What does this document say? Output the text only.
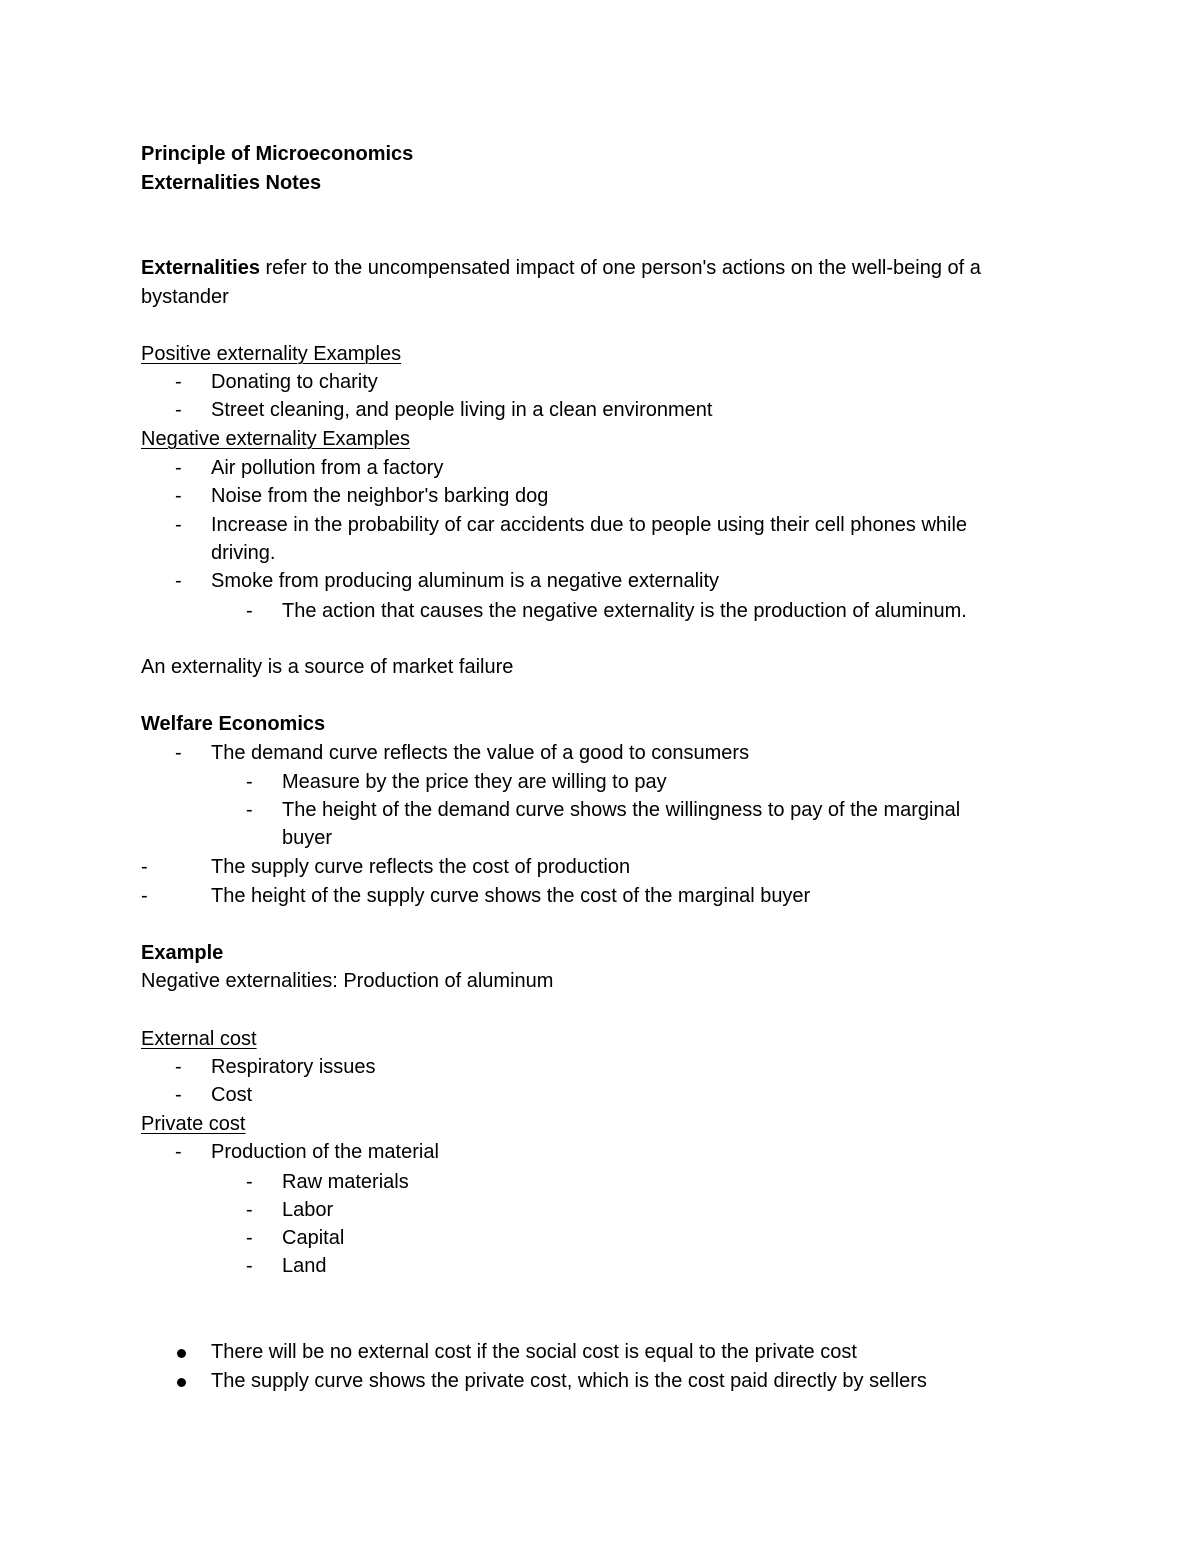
Principle of Microeconomics
Externalities Notes
Externalities refer to the uncompensated impact of one person's actions on the well-being of a
bystander
Positive externality Examples
- Donating to charity
- Street cleaning, and people living in a clean environment
Negative externality Examples
- Air pollution from a factory
- Noise from the neighbor's barking dog
- Increase in the probability of car accidents due to people using their cell phones while
driving.
- Smoke from producing aluminum is a negative externality
- The action that causes the negative externality is the production of aluminum.
An externality is a source of market failure
Welfare Economics
- The demand curve reflects the value of a good to consumers
- Measure by the price they are willing to pay
- The height of the demand curve shows the willingness to pay of the marginal
buyer
-	The supply curve reflects the cost of production
-	The height of the supply curve shows the cost of the marginal buyer
Example
Negative externalities: Production of aluminum
External cost
- Respiratory issues
- Cost
Private cost
- Production of the material
- Raw materials
- Labor
- Capital
- Land
There will be no external cost if the social cost is equal to the private cost
The supply curve shows the private cost, which is the cost paid directly by sellers
